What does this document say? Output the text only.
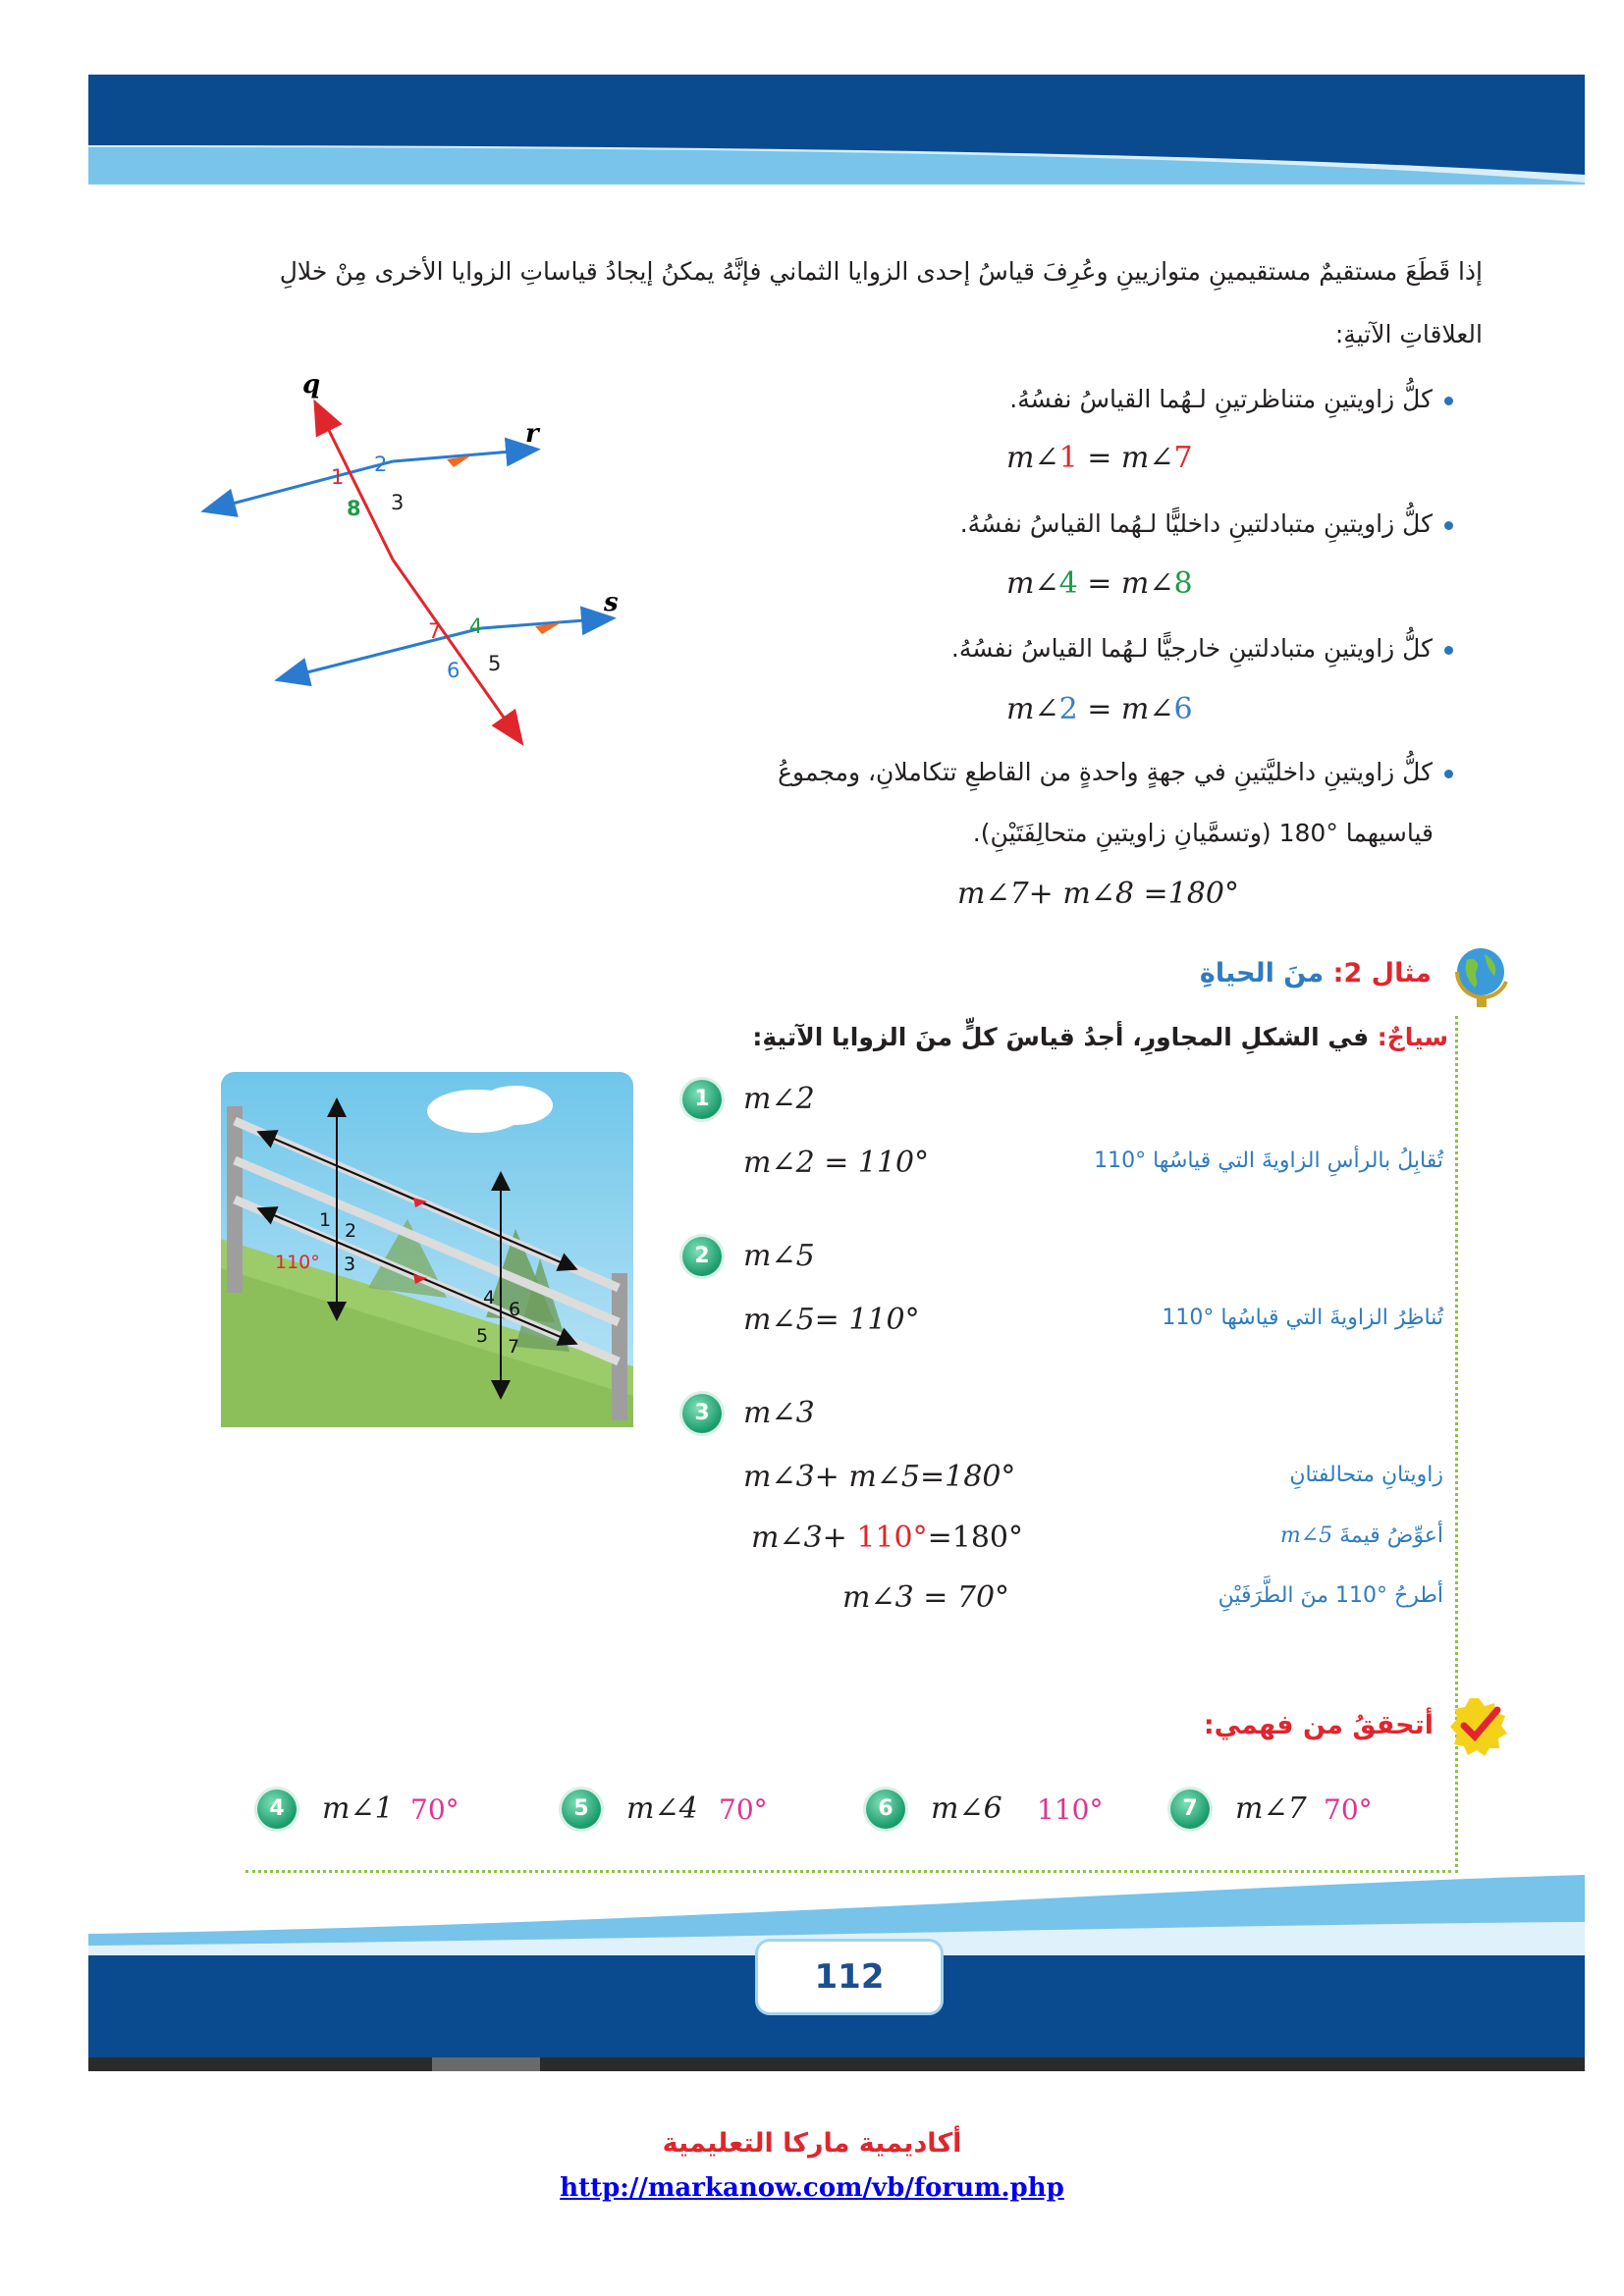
إذا قَطَعَ مستقيمٌ مستقيمينِ متوازيينِ وعُرِفَ قياسُ إحدى الزوايا الثماني فإنَّهُ يمكنُ إيجادُ قياساتِ الزوايا الأخرى مِنْ خلالِ
العلاقاتِ الآتيةِ:
كلُّ زاويتينِ متناظرتينِ لـهُما القياسُ نفسُهُ.
m∠1 = m∠7
كلُّ زاويتينِ متبادلتينِ داخليًّا لـهُما القياسُ نفسُهُ.
m∠4 = m∠8
كلُّ زاويتينِ متبادلتينِ خارجيًّا لـهُما القياسُ نفسُهُ.
m∠2 = m∠6
كلُّ زاويتينِ داخليَّتينِ في جهةٍ واحدةٍ من القاطعِ تتكاملانِ، ومجموعُ
قياسيهما °180 (وتسمَّيانِ زاويتينِ متحالِفَتَيْنِ).
m∠7+ m∠8 =180°
q
r
s
1
2
3
8
7 4
6 5
مثال 2: منَ الحياةِ
سياجٌ: في الشكلِ المجاورِ، أجدُ قياسَ كلٍّ منَ الزوايا الآتيةِ:
1 2
3
110°
4
6
5 7
1	m∠2
m∠2 = 110°	تُقابِلُ بالرأسِ الزاويةَ التي قياسُها °110
2	m∠5
m∠5= 110°	تُناظِرُ الزاويةَ التي قياسُها °110
3	m∠3
m∠3+ m∠5=180°	زاويتانِ متحالفتانِ
m∠3+ 110°=180°	أعوِّضُ قيمةَ m∠5
m∠3 = 70°	أطرحُ °110 منَ الطَّرَفَيْنِ
أتحققُ من فهمي:
4	m∠1 70°	5	m∠4 70°	6	m∠6 110°	7	m∠7 70°
112
أكاديمية ماركا التعليمية
http://markanow.com/vb/forum.php
